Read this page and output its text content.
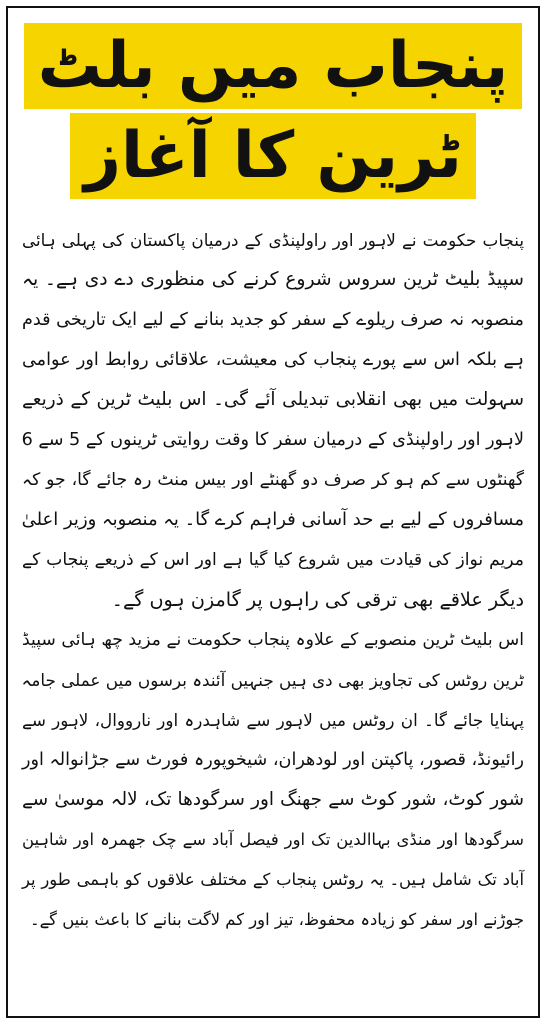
پنجاب میں بلٹ
ٹرین کا آغاز
پنجاب حکومت نے لاہور اور راولپنڈی کے درمیان پاکستان کی پہلی ہائی
سپیڈ بلیٹ ٹرین سروس شروع کرنے کی منظوری دے دی ہے۔ یہ
منصوبہ نہ صرف ریلوے کے سفر کو جدید بنانے کے لیے ایک تاریخی قدم
ہے بلکہ اس سے پورے پنجاب کی معیشت، علاقائی روابط اور عوامی
سہولت میں بھی انقلابی تبدیلی آئے گی۔ اس بلیٹ ٹرین کے ذریعے
لاہور اور راولپنڈی کے درمیان سفر کا وقت روایتی ٹرینوں کے 5 سے 6
گھنٹوں سے کم ہو کر صرف دو گھنٹے اور بیس منٹ رہ جائے گا، جو کہ
مسافروں کے لیے بے حد آسانی فراہم کرے گا۔ یہ منصوبہ وزیر اعلیٰ
مریم نواز کی قیادت میں شروع کیا گیا ہے اور اس کے ذریعے پنجاب کے
دیگر علاقے بھی ترقی کی راہوں پر گامزن ہوں گے۔
اس بلیٹ ٹرین منصوبے کے علاوہ پنجاب حکومت نے مزید چھ ہائی سپیڈ
ٹرین روٹس کی تجاویز بھی دی ہیں جنہیں آئندہ برسوں میں عملی جامہ
پہنایا جائے گا۔ ان روٹس میں لاہور سے شاہدرہ اور نارووال، لاہور سے
رائیونڈ، قصور، پاکپتن اور لودھران، شیخوپورہ فورٹ سے جڑانوالہ اور
شور کوٹ، شور کوٹ سے جھنگ اور سرگودھا تک، لالہ موسیٰ سے
سرگودھا اور منڈی بہاالدین تک اور فیصل آباد سے چک جھمرہ اور شاہین
آباد تک شامل ہیں۔ یہ روٹس پنجاب کے مختلف علاقوں کو باہمی طور پر
جوڑنے اور سفر کو زیادہ محفوظ، تیز اور کم لاگت بنانے کا باعث بنیں گے۔
